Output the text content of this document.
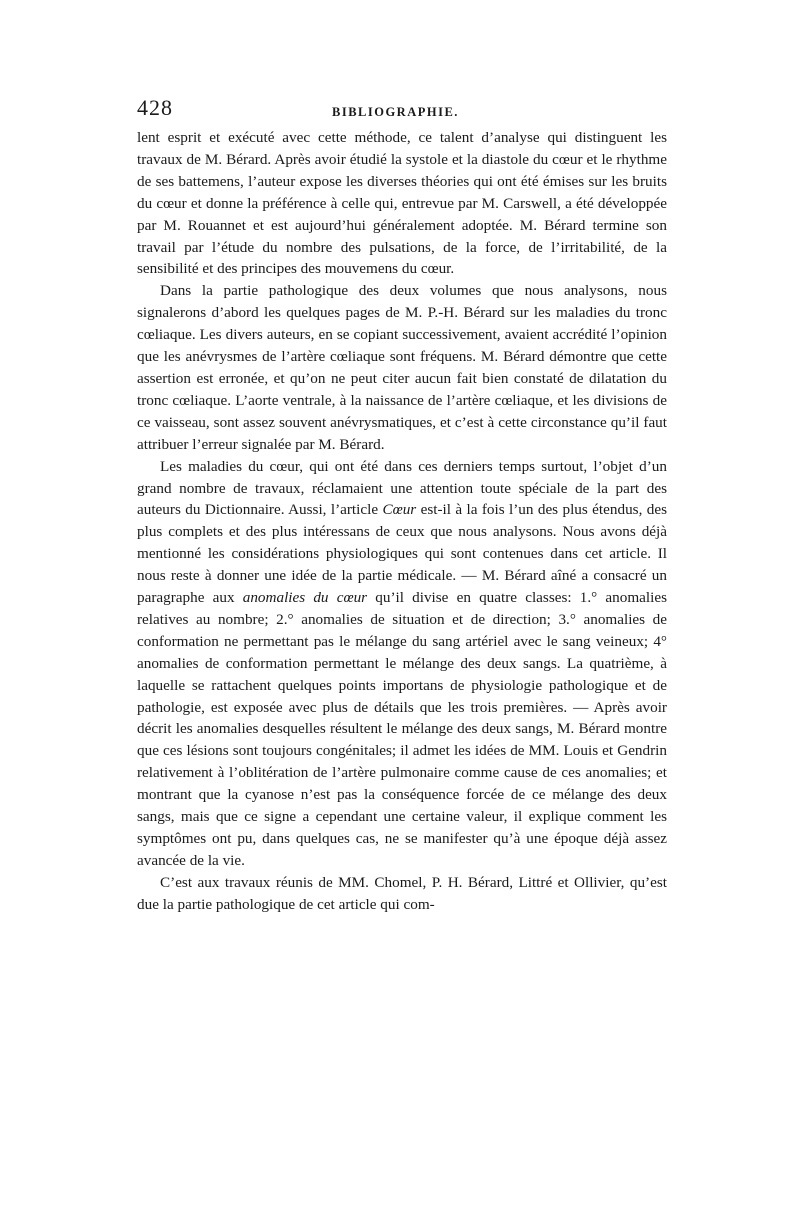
428	BIBLIOGRAPHIE.

lent esprit et exécuté avec cette méthode, ce talent d’analyse qui distinguent les travaux de M. Bérard. Après avoir étudié la systole et la diastole du cœur et le rhythme de ses battemens, l’auteur expose les diverses théories qui ont été émises sur les bruits du cœur et donne la préférence à celle qui, entrevue par M. Carswell, a été développée par M. Rouannet et est aujourd’hui généralement adoptée. M. Bérard termine son travail par l’étude du nombre des pulsations, de la force, de l’irritabilité, de la sensibilité et des principes des mouvemens du cœur.

Dans la partie pathologique des deux volumes que nous analysons, nous signalerons d’abord les quelques pages de M. P.-H. Bérard sur les maladies du tronc cœliaque. Les divers auteurs, en se copiant successivement, avaient accrédité l’opinion que les anévrysmes de l’artère cœliaque sont fréquens. M. Bérard démontre que cette assertion est erronée, et qu’on ne peut citer aucun fait bien constaté de dilatation du tronc cœliaque. L’aorte ventrale, à la naissance de l’artère cœliaque, et les divisions de ce vaisseau, sont assez souvent anévrysmatiques, et c’est à cette circonstance qu’il faut attribuer l’erreur signalée par M. Bérard.

Les maladies du cœur, qui ont été dans ces derniers temps surtout, l’objet d’un grand nombre de travaux, réclamaient une attention toute spéciale de la part des auteurs du Dictionnaire. Aussi, l’article Cœur est-il à la fois l’un des plus étendus, des plus complets et des plus intéressans de ceux que nous analysons. Nous avons déjà mentionné les considérations physiologiques qui sont contenues dans cet article. Il nous reste à donner une idée de la partie médicale. — M. Bérard aîné a consacré un paragraphe aux anomalies du cœur qu’il divise en quatre classes: 1.° anomalies relatives au nombre; 2.° anomalies de situation et de direction; 3.° anomalies de conformation ne permettant pas le mélange du sang artériel avec le sang veineux; 4° anomalies de conformation permettant le mélange des deux sangs. La quatrième, à laquelle se rattachent quelques points importans de physiologie pathologique et de pathologie, est exposée avec plus de détails que les trois premières. — Après avoir décrit les anomalies desquelles résultent le mélange des deux sangs, M. Bérard montre que ces lésions sont toujours congénitales; il admet les idées de MM. Louis et Gendrin relativement à l’oblitération de l’artère pulmonaire comme cause de ces anomalies; et montrant que la cyanose n’est pas la conséquence forcée de ce mélange des deux sangs, mais que ce signe a cependant une certaine valeur, il explique comment les symptômes ont pu, dans quelques cas, ne se manifester qu’à une époque déjà assez avancée de la vie.

C’est aux travaux réunis de MM. Chomel, P. H. Bérard, Littré et Ollivier, qu’est due la partie pathologique de cet article qui com-
